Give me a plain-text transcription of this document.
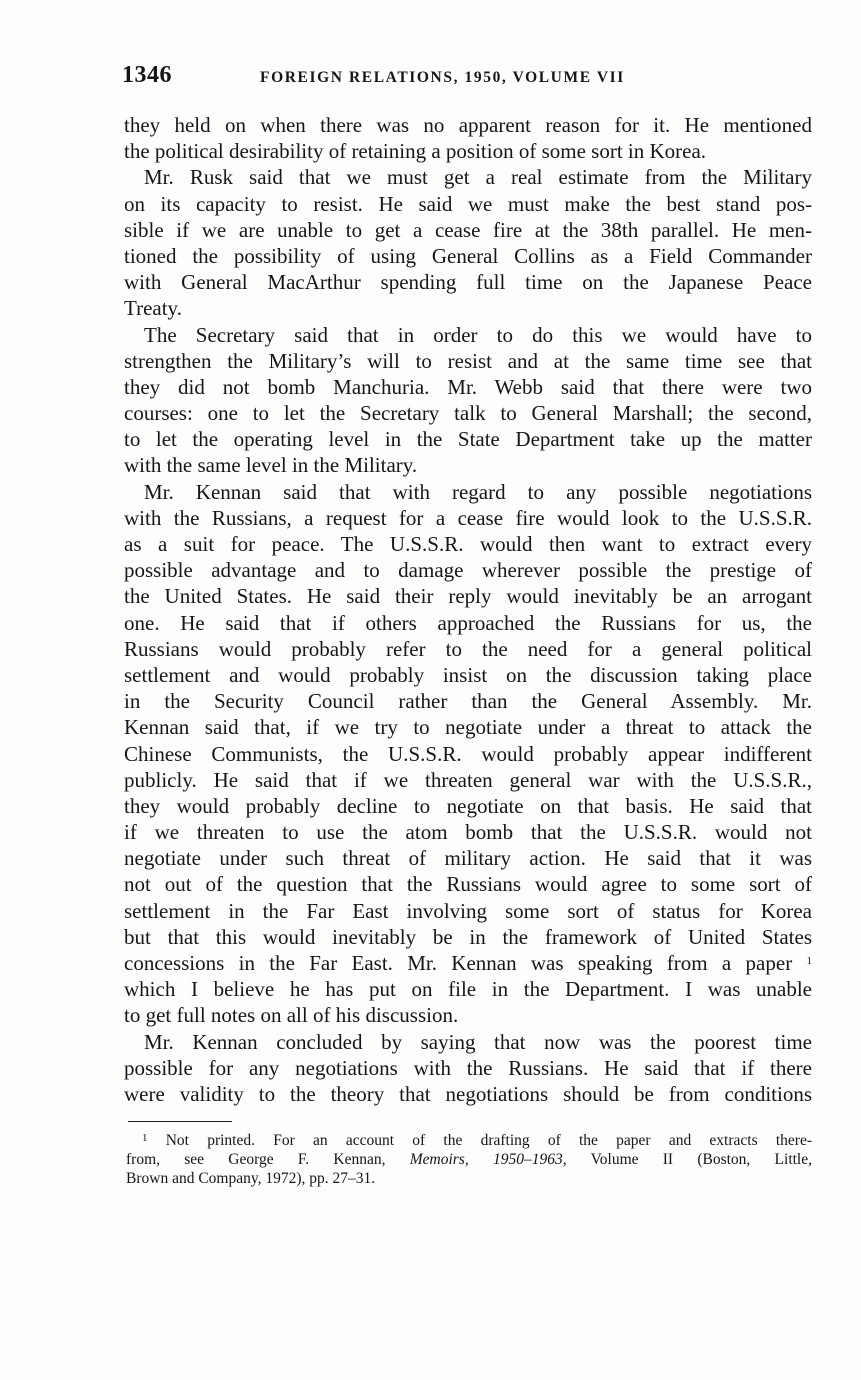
1346	FOREIGN RELATIONS, 1950, VOLUME VII
they held on when there was no apparent reason for it. He mentioned
the political desirability of retaining a position of some sort in Korea.
Mr. Rusk said that we must get a real estimate from the Military
on its capacity to resist. He said we must make the best stand pos-
sible if we are unable to get a cease fire at the 38th parallel. He men-
tioned the possibility of using General Collins as a Field Commander
with General MacArthur spending full time on the Japanese Peace
Treaty.
The Secretary said that in order to do this we would have to
strengthen the Military’s will to resist and at the same time see that
they did not bomb Manchuria. Mr. Webb said that there were two
courses: one to let the Secretary talk to General Marshall; the second,
to let the operating level in the State Department take up the matter
with the same level in the Military.
Mr. Kennan said that with regard to any possible negotiations
with the Russians, a request for a cease fire would look to the U.S.S.R.
as a suit for peace. The U.S.S.R. would then want to extract every
possible advantage and to damage wherever possible the prestige of
the United States. He said their reply would inevitably be an arrogant
one. He said that if others approached the Russians for us, the
Russians would probably refer to the need for a general political
settlement and would probably insist on the discussion taking place
in the Security Council rather than the General Assembly. Mr.
Kennan said that, if we try to negotiate under a threat to attack the
Chinese Communists, the U.S.S.R. would probably appear indifferent
publicly. He said that if we threaten general war with the U.S.S.R.,
they would probably decline to negotiate on that basis. He said that
if we threaten to use the atom bomb that the U.S.S.R. would not
negotiate under such threat of military action. He said that it was
not out of the question that the Russians would agree to some sort of
settlement in the Far East involving some sort of status for Korea
but that this would inevitably be in the framework of United States
concessions in the Far East. Mr. Kennan was speaking from a paper $^1$
which I believe he has put on file in the Department. I was unable
to get full notes on all of his discussion.
Mr. Kennan concluded by saying that now was the poorest time
possible for any negotiations with the Russians. He said that if there
were validity to the theory that negotiations should be from conditions
$^1$ Not printed. For an account of the drafting of the paper and extracts there-
from, see George F. Kennan, Memoirs, 1950–1963, Volume II (Boston, Little,
Brown and Company, 1972), pp. 27–31.
